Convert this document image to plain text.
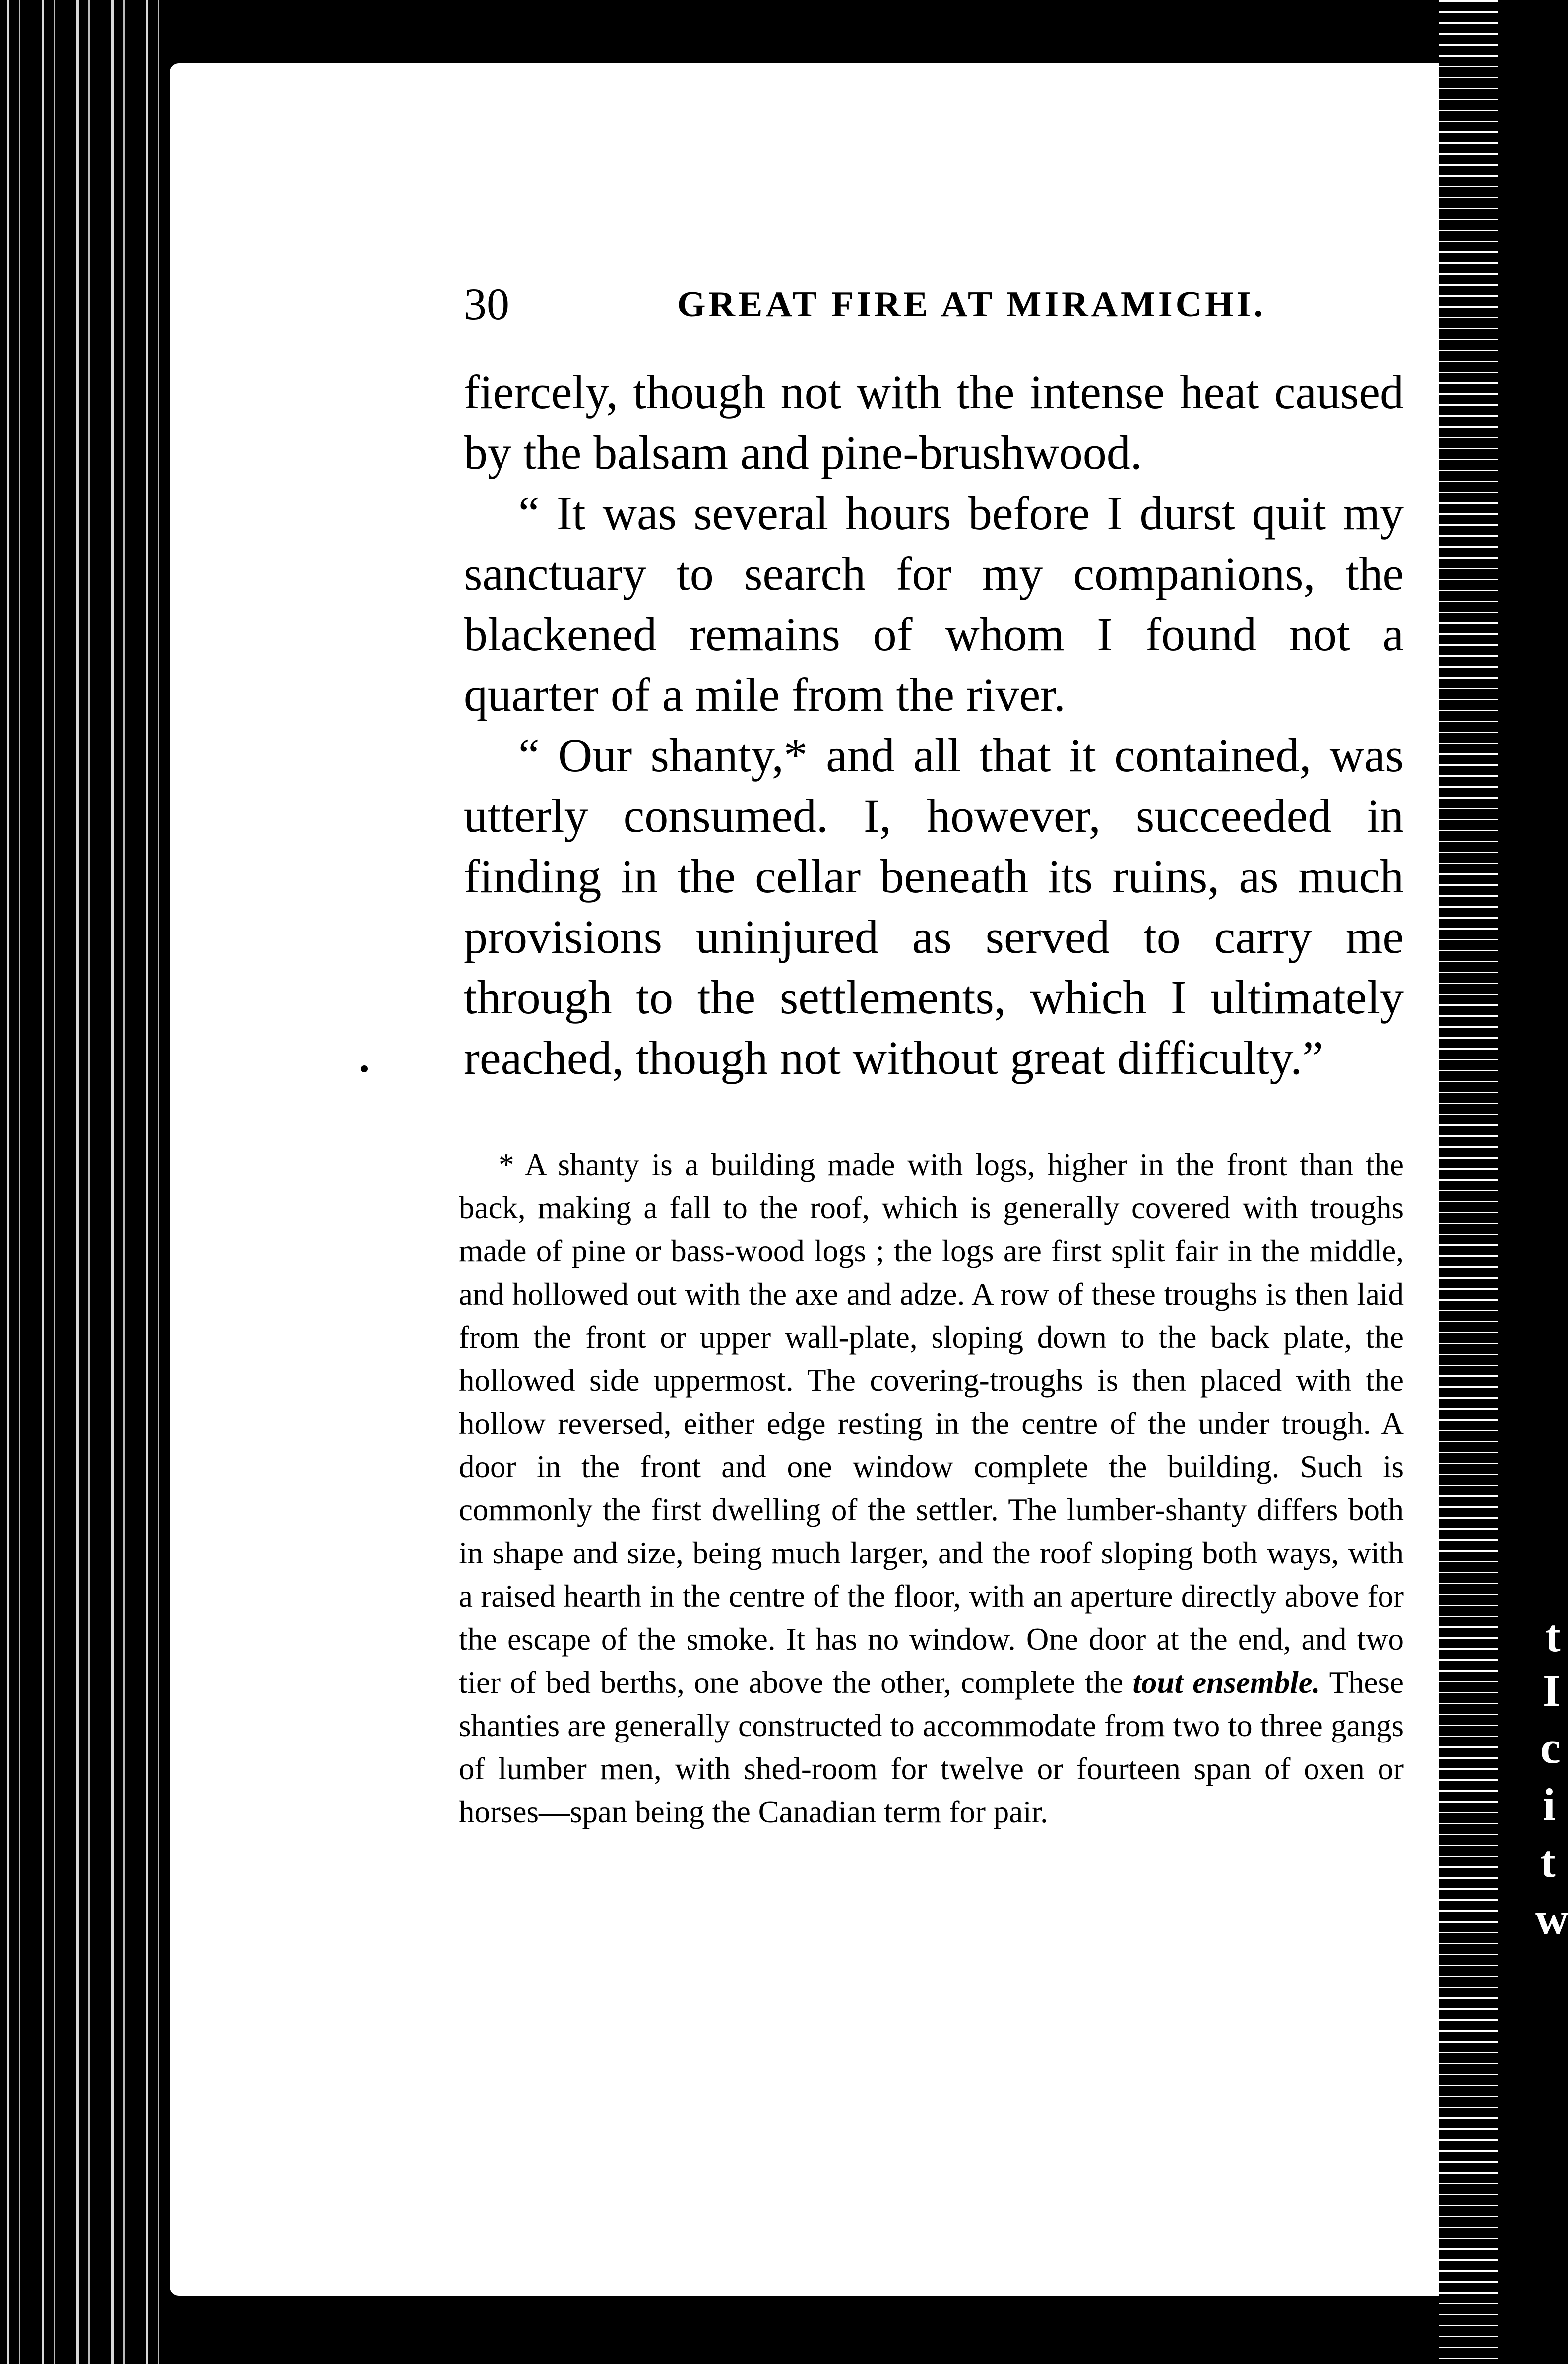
t
I
c
i
t
w
30	GREAT FIRE AT MIRAMICHI.

fiercely, though not with the intense heat caused by the balsam and pine-brushwood.

“ It was several hours before I durst quit my sanctuary to search for my companions, the blackened remains of whom I found not a quarter of a mile from the river.

“ Our shanty,* and all that it contained, was utterly consumed. I, however, succeeded in finding in the cellar beneath its ruins, as much provisions uninjured as served to carry me through to the settlements, which I ultimately reached, though not without great difficulty.”

* A shanty is a building made with logs, higher in the front than the back, making a fall to the roof, which is generally covered with troughs made of pine or bass-wood logs ; the logs are first split fair in the middle, and hollowed out with the axe and adze. A row of these troughs is then laid from the front or upper wall-plate, sloping down to the back plate, the hollowed side uppermost. The covering-troughs is then placed with the hollow reversed, either edge resting in the centre of the under trough. A door in the front and one window complete the building. Such is commonly the first dwelling of the settler. The lumber-shanty differs both in shape and size, being much larger, and the roof sloping both ways, with a raised hearth in the centre of the floor, with an aperture directly above for the escape of the smoke. It has no window. One door at the end, and two tier of bed berths, one above the other, complete the tout ensemble. These shanties are generally constructed to accommodate from two to three gangs of lumber men, with shed-room for twelve or fourteen span of oxen or horses—span being the Canadian term for pair.
